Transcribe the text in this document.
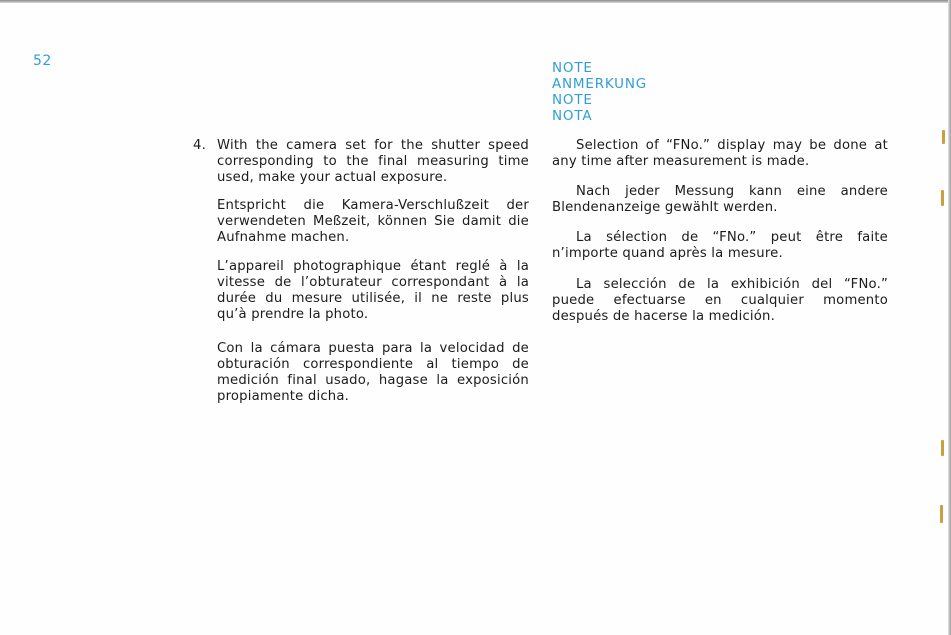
52	NOTE
ANMERKUNG
NOTE
NOTA
4. With the camera set for the shutter speed corresponding to the final measuring time used, make your actual exposure.

Entspricht die Kamera-Verschlußzeit der verwendeten Meßzeit, können Sie damit die Aufnahme machen.

L’appareil photographique étant reglé à la vitesse de l’obturateur correspondant à la durée du mesure utilisée, il ne reste plus qu’à prendre la photo.

Con la cámara puesta para la velocidad de obturación correspondiente al tiempo de medición final usado, hagase la exposición propiamente dicha.

Selection of “FNo.” display may be done at any time after measurement is made.

Nach jeder Messung kann eine andere Blendenanzeige gewählt werden.

La sélection de “FNo.” peut être faite n’importe quand après la mesure.

La selección de la exhibición del “FNo.” puede efectuarse en cualquier momento después de hacerse la medición.
